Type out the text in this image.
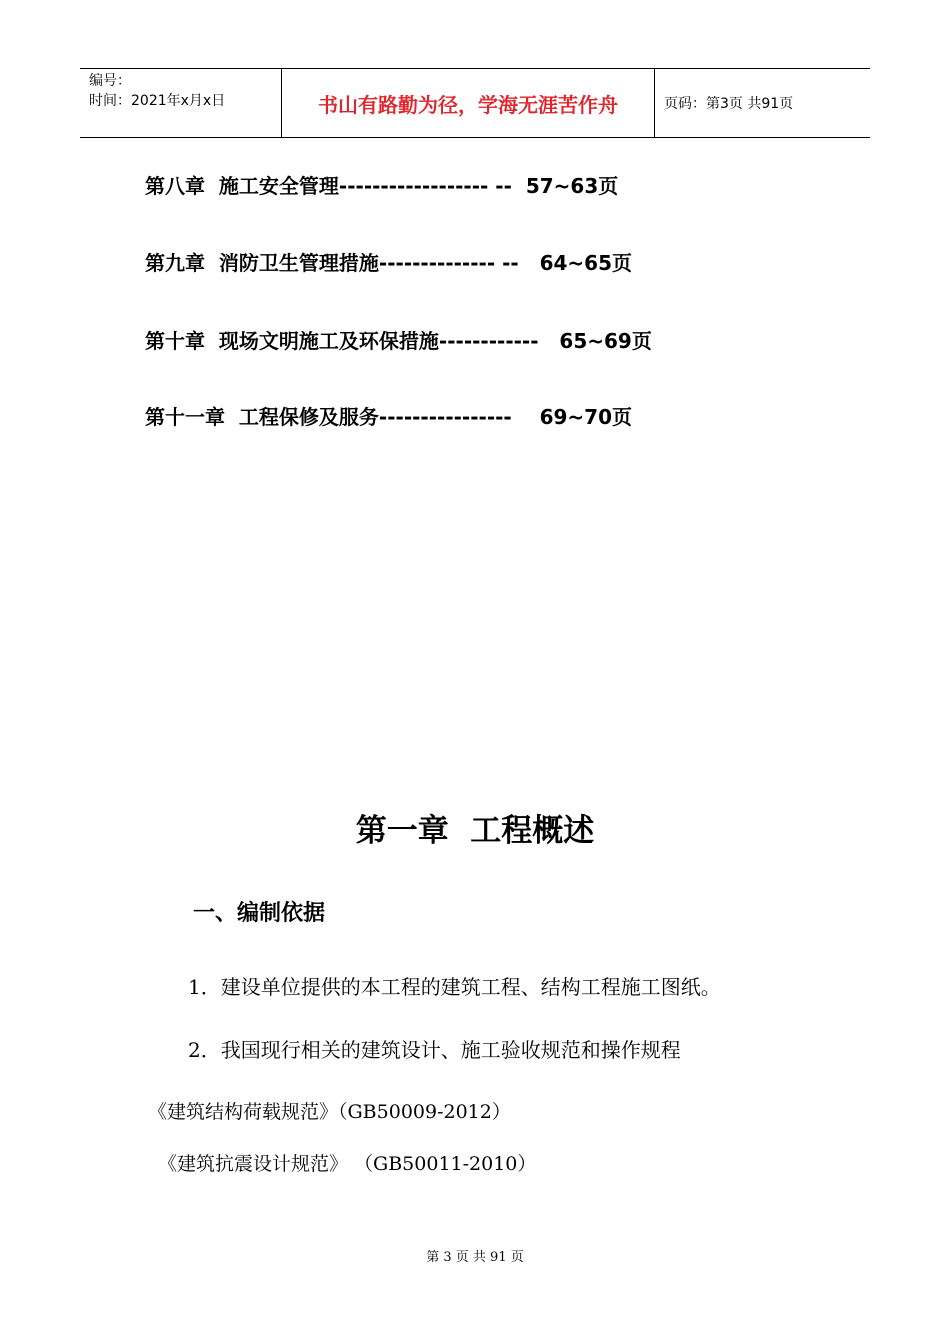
编号：
时间：2021年x月x日	书山有路勤为径，学海无涯苦作舟	页码：第3页 共91页
第八章  施工安全管理------------------ --  57~63页
第九章  消防卫生管理措施-------------- --   64~65页
第十章  现场文明施工及环保措施------------   65~69页
第十一章  工程保修及服务----------------    69~70页
第一章  工程概述
一、编制依据
1．建设单位提供的本工程的建筑工程、结构工程施工图纸。
2．我国现行相关的建筑设计、施工验收规范和操作规程
《建筑结构荷载规范》（GB50009-2012）
《建筑抗震设计规范》 （GB50011-2010）
第 3 页 共 91 页
